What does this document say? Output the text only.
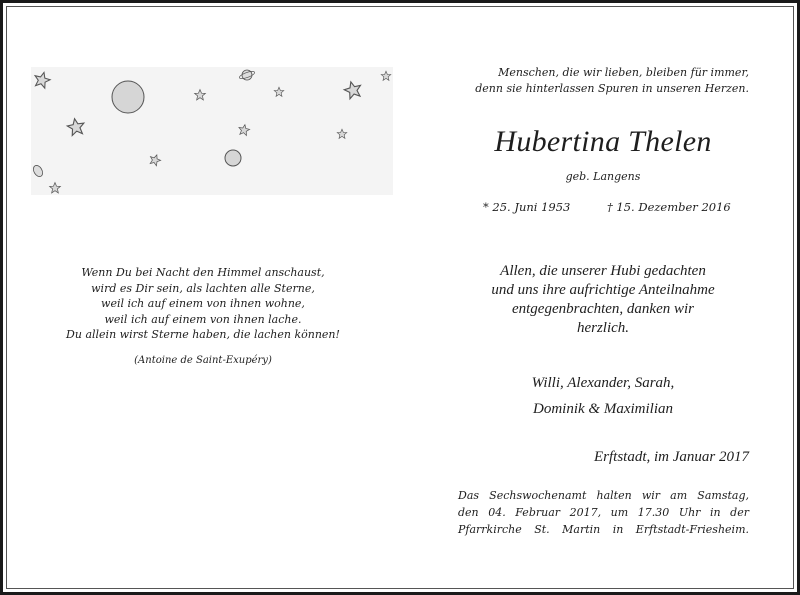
Wenn Du bei Nacht den Himmel anschaust,
wird es Dir sein, als lachten alle Sterne,
weil ich auf einem von ihnen wohne,
weil ich auf einem von ihnen lache.
Du allein wirst Sterne haben, die lachen können!
(Antoine de Saint-Exupéry)
Menschen, die wir lieben, bleiben für immer,
denn sie hinterlassen Spuren in unseren Herzen.
Hubertina Thelen
geb. Langens
* 25. Juni 1953	† 15. Dezember 2016
Allen, die unserer Hubi gedachten
und uns ihre aufrichtige Anteilnahme
entgegenbrachten, danken wir
herzlich.
Willi, Alexander, Sarah,
Dominik & Maximilian
Erftstadt, im Januar 2017
Das Sechswochenamt halten wir am Samstag,
den 04. Februar 2017, um 17.30 Uhr in der
Pfarrkirche St. Martin in Erftstadt-Friesheim.
